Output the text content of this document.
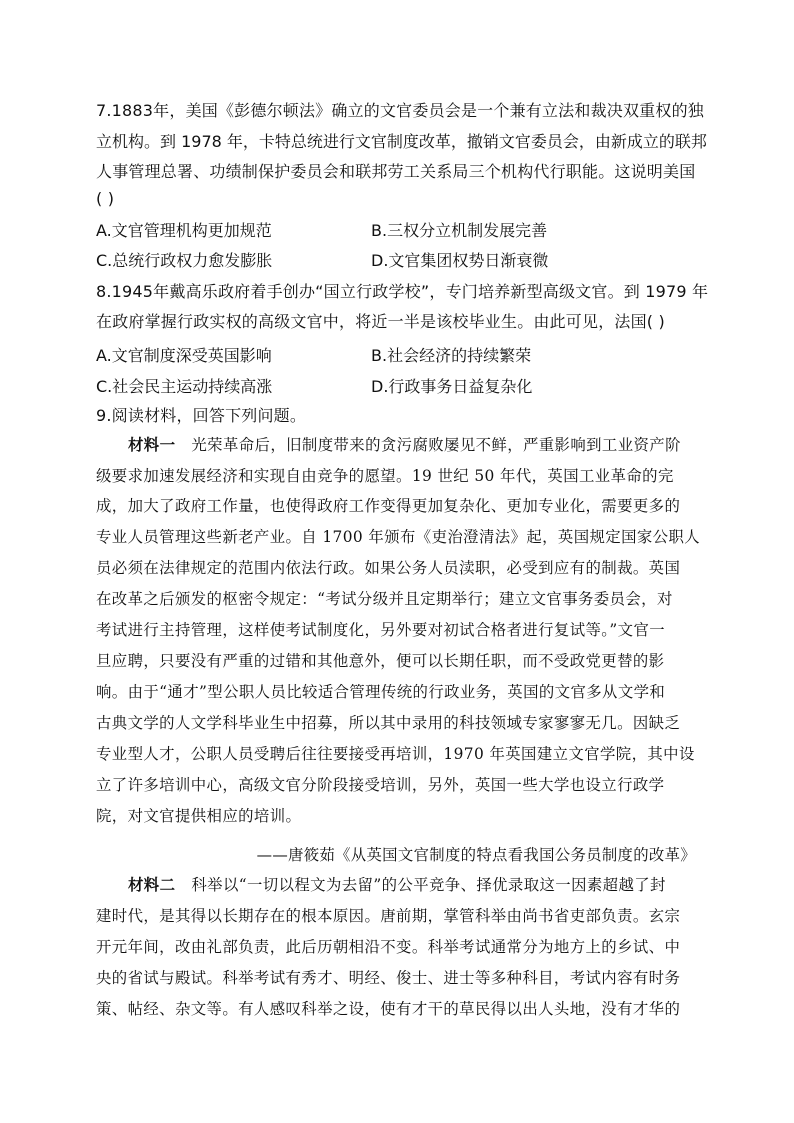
7.1883年，美国《彭德尔顿法》确立的文官委员会是一个兼有立法和裁决双重权的独
立机构。到 1978 年，卡特总统进行文官制度改革，撤销文官委员会，由新成立的联邦
人事管理总署、功绩制保护委员会和联邦劳工关系局三个机构代行职能。这说明美国
( )
A.文官管理机构更加规范	B.三权分立机制发展完善
C.总统行政权力愈发膨胀	D.文官集团权势日渐衰微
8.1945年戴高乐政府着手创办“国立行政学校”，专门培养新型高级文官。到 1979 年
在政府掌握行政实权的高级文官中，将近一半是该校毕业生。由此可见，法国( )
A.文官制度深受英国影响	B.社会经济的持续繁荣
C.社会民主运动持续高涨	D.行政事务日益复杂化
9.阅读材料，回答下列问题。
材料一 光荣革命后，旧制度带来的贪污腐败屡见不鲜，严重影响到工业资产阶
级要求加速发展经济和实现自由竞争的愿望。19 世纪 50 年代，英国工业革命的完
成，加大了政府工作量，也使得政府工作变得更加复杂化、更加专业化，需要更多的
专业人员管理这些新老产业。自 1700 年颁布《吏治澄清法》起，英国规定国家公职人
员必须在法律规定的范围内依法行政。如果公务人员渎职，必受到应有的制裁。英国
在改革之后颁发的枢密令规定：“考试分级并且定期举行；建立文官事务委员会，对
考试进行主持管理，这样使考试制度化，另外要对初试合格者进行复试等。”文官一
旦应聘，只要没有严重的过错和其他意外，便可以长期任职，而不受政党更替的影
响。由于“通才”型公职人员比较适合管理传统的行政业务，英国的文官多从文学和
古典文学的人文学科毕业生中招募，所以其中录用的科技领域专家寥寥无几。因缺乏
专业型人才，公职人员受聘后往往要接受再培训，1970 年英国建立文官学院，其中设
立了许多培训中心，高级文官分阶段接受培训，另外，英国一些大学也设立行政学
院，对文官提供相应的培训。
——唐筱茹《从英国文官制度的特点看我国公务员制度的改革》
材料二 科举以“一切以程文为去留”的公平竞争、择优录取这一因素超越了封
建时代，是其得以长期存在的根本原因。唐前期，掌管科举由尚书省吏部负责。玄宗
开元年间，改由礼部负责，此后历朝相沿不变。科举考试通常分为地方上的乡试、中
央的省试与殿试。科举考试有秀才、明经、俊士、进士等多种科目，考试内容有时务
策、帖经、杂文等。有人感叹科举之设，使有才干的草民得以出人头地，没有才华的
